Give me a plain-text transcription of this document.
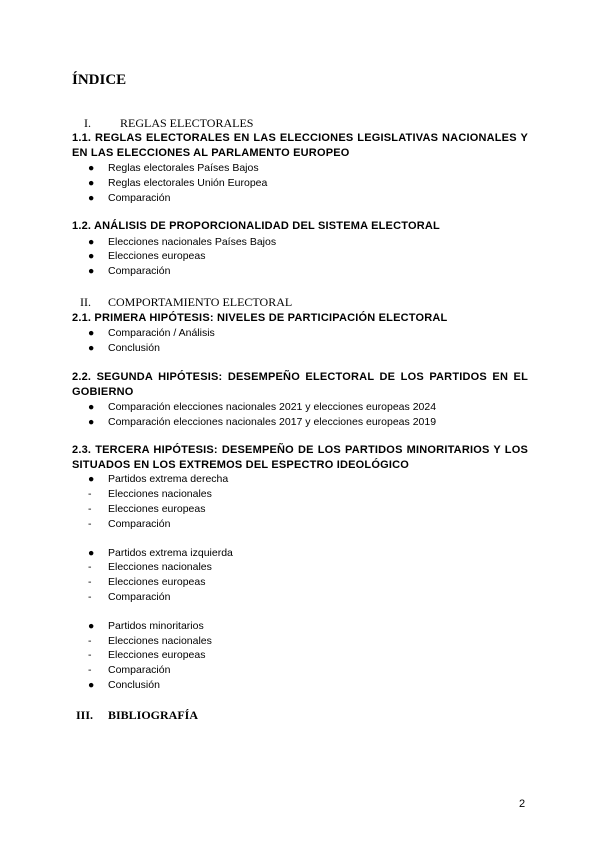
ÍNDICE
I.	REGLAS ELECTORALES
1.1. REGLAS ELECTORALES EN LAS ELECCIONES LEGISLATIVAS NACIONALES Y EN LAS ELECCIONES AL PARLAMENTO EUROPEO
●	Reglas electorales Países Bajos
●	Reglas electorales Unión Europea
●	Comparación
1.2. ANÁLISIS DE PROPORCIONALIDAD DEL SISTEMA ELECTORAL
●	Elecciones nacionales Países Bajos
●	Elecciones europeas
●	Comparación
II.	COMPORTAMIENTO ELECTORAL
2.1. PRIMERA HIPÓTESIS: NIVELES DE PARTICIPACIÓN ELECTORAL
●	Comparación / Análisis
●	Conclusión
2.2. SEGUNDA HIPÓTESIS: DESEMPEÑO ELECTORAL DE LOS PARTIDOS EN EL GOBIERNO
●	Comparación elecciones nacionales 2021 y elecciones europeas 2024
●	Comparación elecciones nacionales 2017 y elecciones europeas 2019
2.3. TERCERA HIPÓTESIS: DESEMPEÑO DE LOS PARTIDOS MINORITARIOS Y LOS SITUADOS EN LOS EXTREMOS DEL ESPECTRO IDEOLÓGICO
●	Partidos extrema derecha
-	Elecciones nacionales
-	Elecciones europeas
-	Comparación
●	Partidos extrema izquierda
-	Elecciones nacionales
-	Elecciones europeas
-	Comparación
●	Partidos minoritarios
-	Elecciones nacionales
-	Elecciones europeas
-	Comparación
●	Conclusión
III.	BIBLIOGRAFÍA
2
